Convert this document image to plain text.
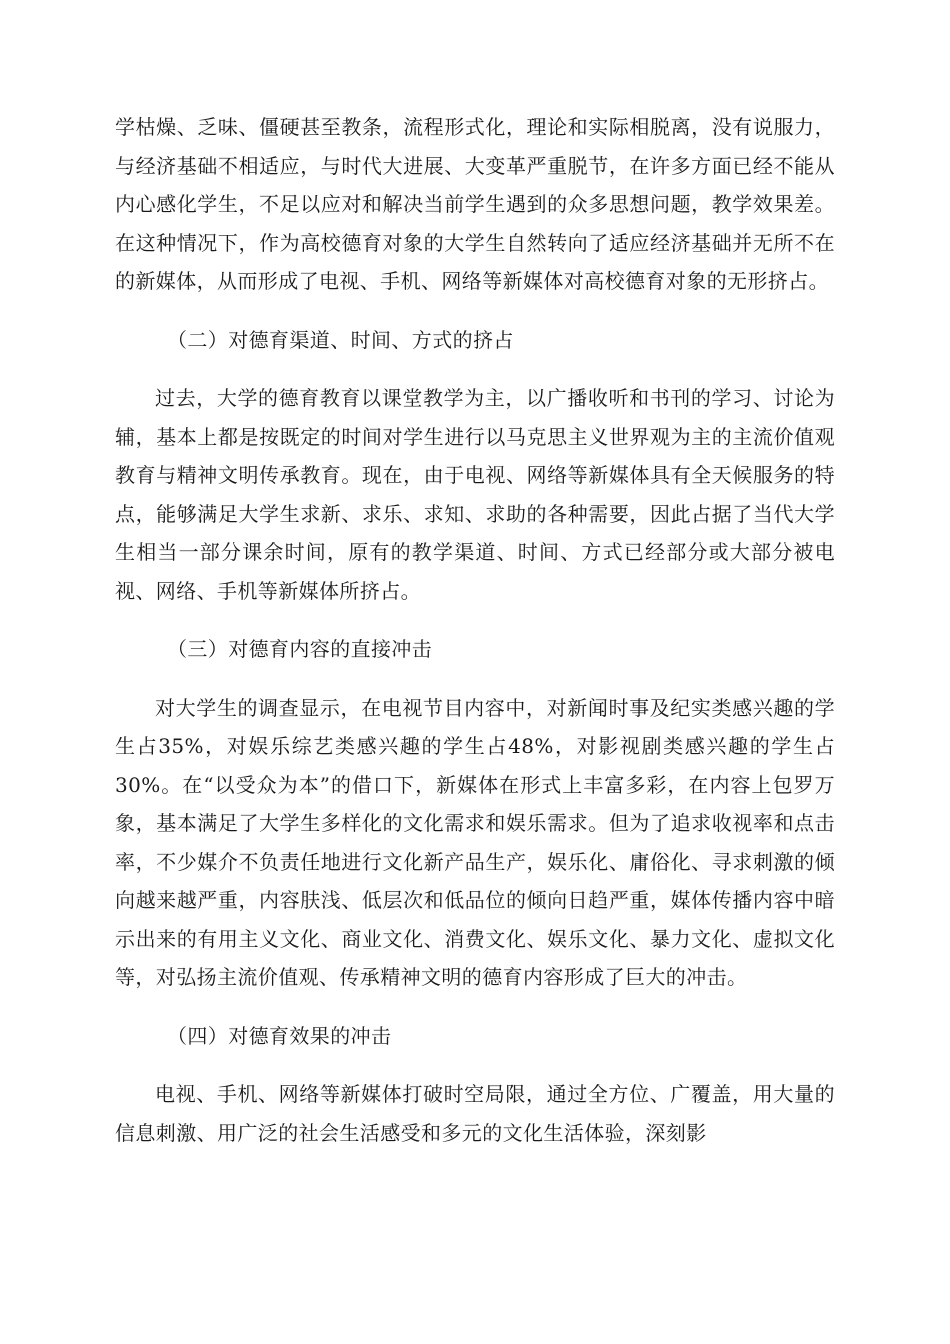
学枯燥、乏味、僵硬甚至教条，流程形式化，理论和实际相脱离，没有说服力，与经济基础不相适应，与时代大进展、大变革严重脱节，在许多方面已经不能从内心感化学生，不足以应对和解决当前学生遇到的众多思想问题，教学效果差。在这种情况下，作为高校德育对象的大学生自然转向了适应经济基础并无所不在的新媒体，从而形成了电视、手机、网络等新媒体对高校德育对象的无形挤占。

（二）对德育渠道、时间、方式的挤占

过去，大学的德育教育以课堂教学为主，以广播收听和书刊的学习、讨论为辅，基本上都是按既定的时间对学生进行以马克思主义世界观为主的主流价值观教育与精神文明传承教育。现在，由于电视、网络等新媒体具有全天候服务的特点，能够满足大学生求新、求乐、求知、求助的各种需要，因此占据了当代大学生相当一部分课余时间，原有的教学渠道、时间、方式已经部分或大部分被电视、网络、手机等新媒体所挤占。

（三）对德育内容的直接冲击

对大学生的调查显示，在电视节目内容中，对新闻时事及纪实类感兴趣的学生占35%，对娱乐综艺类感兴趣的学生占48%，对影视剧类感兴趣的学生占30%。在“以受众为本”的借口下，新媒体在形式上丰富多彩，在内容上包罗万象，基本满足了大学生多样化的文化需求和娱乐需求。但为了追求收视率和点击率，不少媒介不负责任地进行文化新产品生产，娱乐化、庸俗化、寻求刺激的倾向越来越严重，内容肤浅、低层次和低品位的倾向日趋严重，媒体传播内容中暗示出来的有用主义文化、商业文化、消费文化、娱乐文化、暴力文化、虚拟文化等，对弘扬主流价值观、传承精神文明的德育内容形成了巨大的冲击。

（四）对德育效果的冲击

电视、手机、网络等新媒体打破时空局限，通过全方位、广覆盖，用大量的信息刺激、用广泛的社会生活感受和多元的文化生活体验，深刻影
